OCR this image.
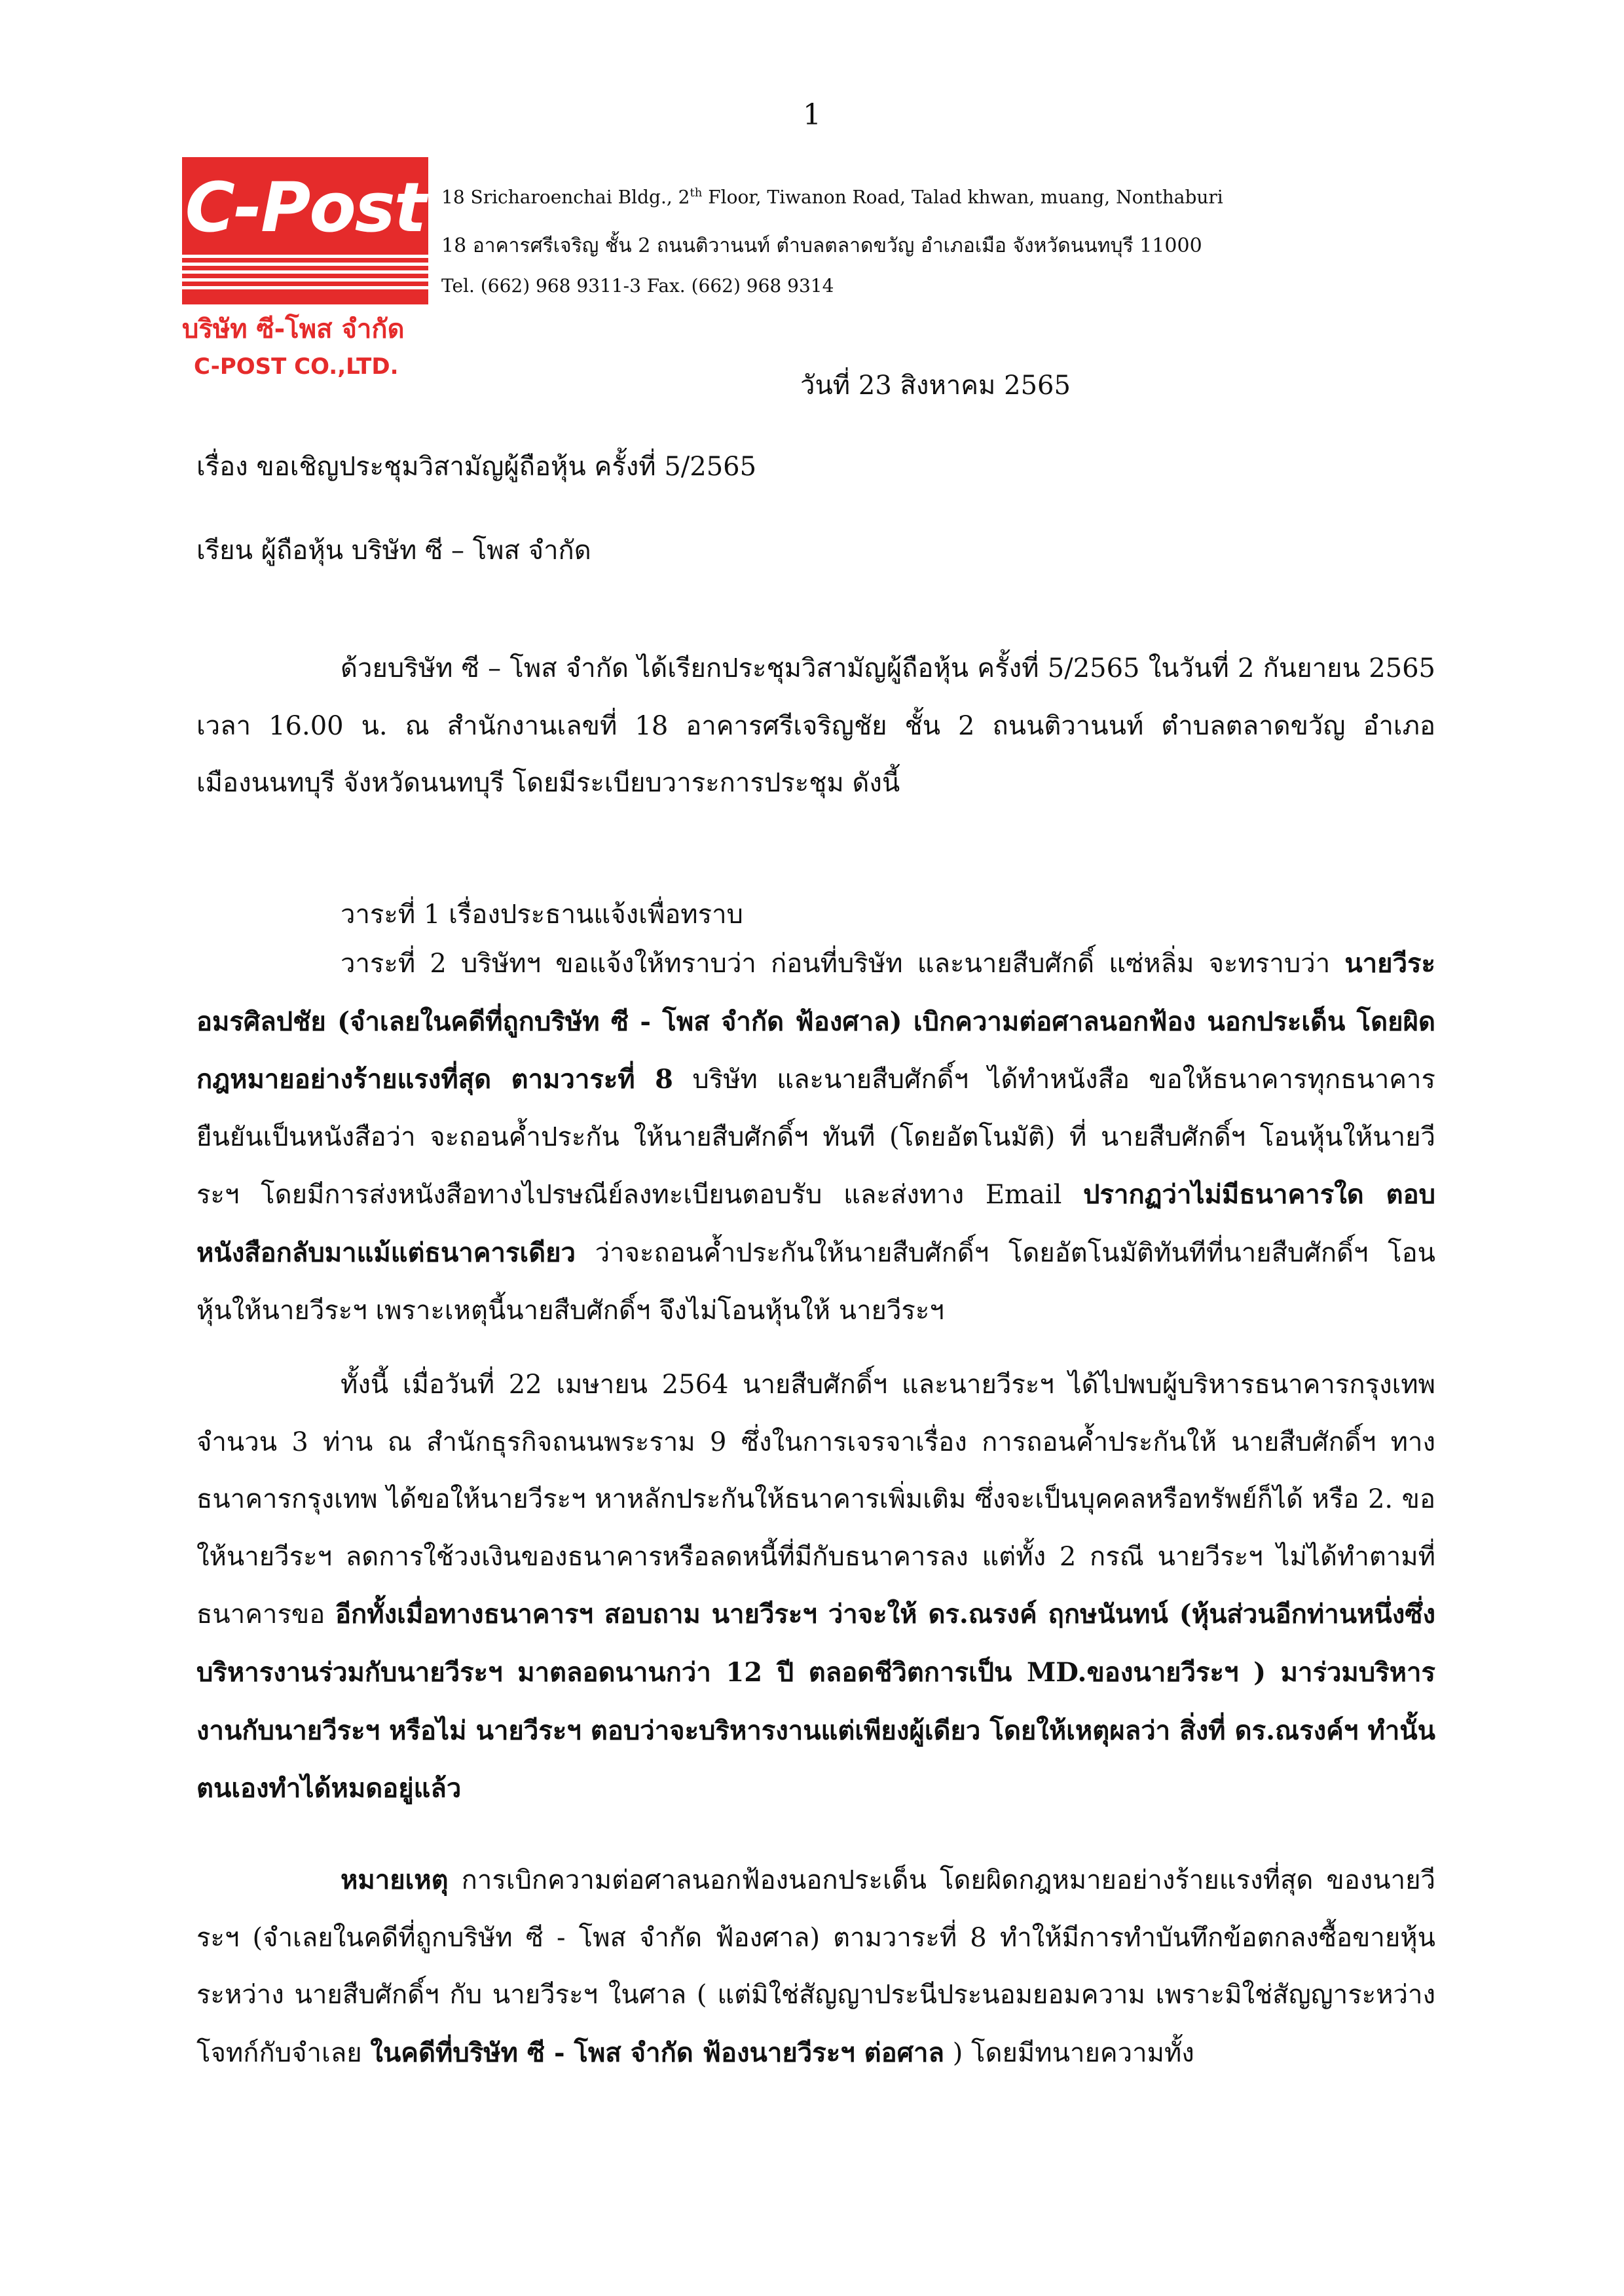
1
C-Post
บริษัท ซี-โพส จำกัด
C-POST CO.,LTD.
18 Sricharoenchai Bldg., 2th Floor, Tiwanon Road, Talad khwan, muang, Nonthaburi
18 อาคารศรีเจริญ ชั้น 2 ถนนติวานนท์ ตำบลตลาดขวัญ อำเภอเมือ จังหวัดนนทบุรี 11000
Tel. (662) 968 9311-3 Fax. (662) 968 9314
วันที่ 23 สิงหาคม 2565
เรื่อง ขอเชิญประชุมวิสามัญผู้ถือหุ้น ครั้งที่ 5/2565
เรียน ผู้ถือหุ้น บริษัท ซี – โพส จำกัด

ด้วยบริษัท ซี – โพส จำกัด ได้เรียกประชุมวิสามัญผู้ถือหุ้น ครั้งที่ 5/2565 ในวันที่ 2 กันยายน 2565 เวลา 16.00 น. ณ สำนักงานเลขที่ 18 อาคารศรีเจริญชัย ชั้น 2 ถนนติวานนท์ ตำบลตลาดขวัญ อำเภอเมืองนนทบุรี จังหวัดนนทบุรี โดยมีระเบียบวาระการประชุม ดังนี้

วาระที่ 1 เรื่องประธานแจ้งเพื่อทราบ

วาระที่ 2 บริษัทฯ ขอแจ้งให้ทราบว่า ก่อนที่บริษัท และนายสืบศักดิ์ แซ่หลิ่ม จะทราบว่า นายวีระ อมรศิลปชัย (จำเลยในคดีที่ถูกบริษัท ซี - โพส จำกัด ฟ้องศาล) เบิกความต่อศาลนอกฟ้อง นอกประเด็น โดยผิดกฎหมายอย่างร้ายแรงที่สุด ตามวาระที่ 8 บริษัท และนายสืบศักดิ์ฯ ได้ทำหนังสือ ขอให้ธนาคารทุกธนาคารยืนยันเป็นหนังสือว่า จะถอนค้ำประกัน ให้นายสืบศักดิ์ฯ ทันที (โดยอัตโนมัติ) ที่ นายสืบศักดิ์ฯ โอนหุ้นให้นายวีระฯ โดยมีการส่งหนังสือทางไปรษณีย์ลงทะเบียนตอบรับ และส่งทาง Email ปรากฏว่าไม่มีธนาคารใด ตอบหนังสือกลับมาแม้แต่ธนาคารเดียว ว่าจะถอนค้ำประกันให้นายสืบศักดิ์ฯ โดยอัตโนมัติทันทีที่นายสืบศักดิ์ฯ โอนหุ้นให้นายวีระฯ เพราะเหตุนี้นายสืบศักดิ์ฯ จึงไม่โอนหุ้นให้ นายวีระฯ

ทั้งนี้ เมื่อวันที่ 22 เมษายน 2564 นายสืบศักดิ์ฯ และนายวีระฯ ได้ไปพบผู้บริหารธนาคารกรุงเทพ จำนวน 3 ท่าน ณ สำนักธุรกิจถนนพระราม 9 ซึ่งในการเจรจาเรื่อง การถอนค้ำประกันให้ นายสืบศักดิ์ฯ ทางธนาคารกรุงเทพ ได้ขอให้นายวีระฯ หาหลักประกันให้ธนาคารเพิ่มเติม ซึ่งจะเป็นบุคคลหรือทรัพย์ก็ได้ หรือ 2. ขอให้นายวีระฯ ลดการใช้วงเงินของธนาคารหรือลดหนี้ที่มีกับธนาคารลง แต่ทั้ง 2 กรณี นายวีระฯ ไม่ได้ทำตามที่ธนาคารขอ อีกทั้งเมื่อทางธนาคารฯ สอบถาม นายวีระฯ ว่าจะให้ ดร.ณรงค์ ฤกษนันทน์ (หุ้นส่วนอีกท่านหนึ่งซึ่งบริหารงานร่วมกับนายวีระฯ มาตลอดนานกว่า 12 ปี ตลอดชีวิตการเป็น MD.ของนายวีระฯ ) มาร่วมบริหารงานกับนายวีระฯ หรือไม่ นายวีระฯ ตอบว่าจะบริหารงานแต่เพียงผู้เดียว โดยให้เหตุผลว่า สิ่งที่ ดร.ณรงค์ฯ ทำนั้น ตนเองทำได้หมดอยู่แล้ว

หมายเหตุ การเบิกความต่อศาลนอกฟ้องนอกประเด็น โดยผิดกฎหมายอย่างร้ายแรงที่สุด ของนายวีระฯ (จำเลยในคดีที่ถูกบริษัท ซี - โพส จำกัด ฟ้องศาล) ตามวาระที่ 8 ทำให้มีการทำบันทึกข้อตกลงซื้อขายหุ้นระหว่าง นายสืบศักดิ์ฯ กับ นายวีระฯ ในศาล ( แต่มิใช่สัญญาประนีประนอมยอมความ เพราะมิใช่สัญญาระหว่างโจทก์กับจำเลย ในคดีที่บริษัท ซี - โพส จำกัด ฟ้องนายวีระฯ ต่อศาล ) โดยมีทนายความทั้ง
